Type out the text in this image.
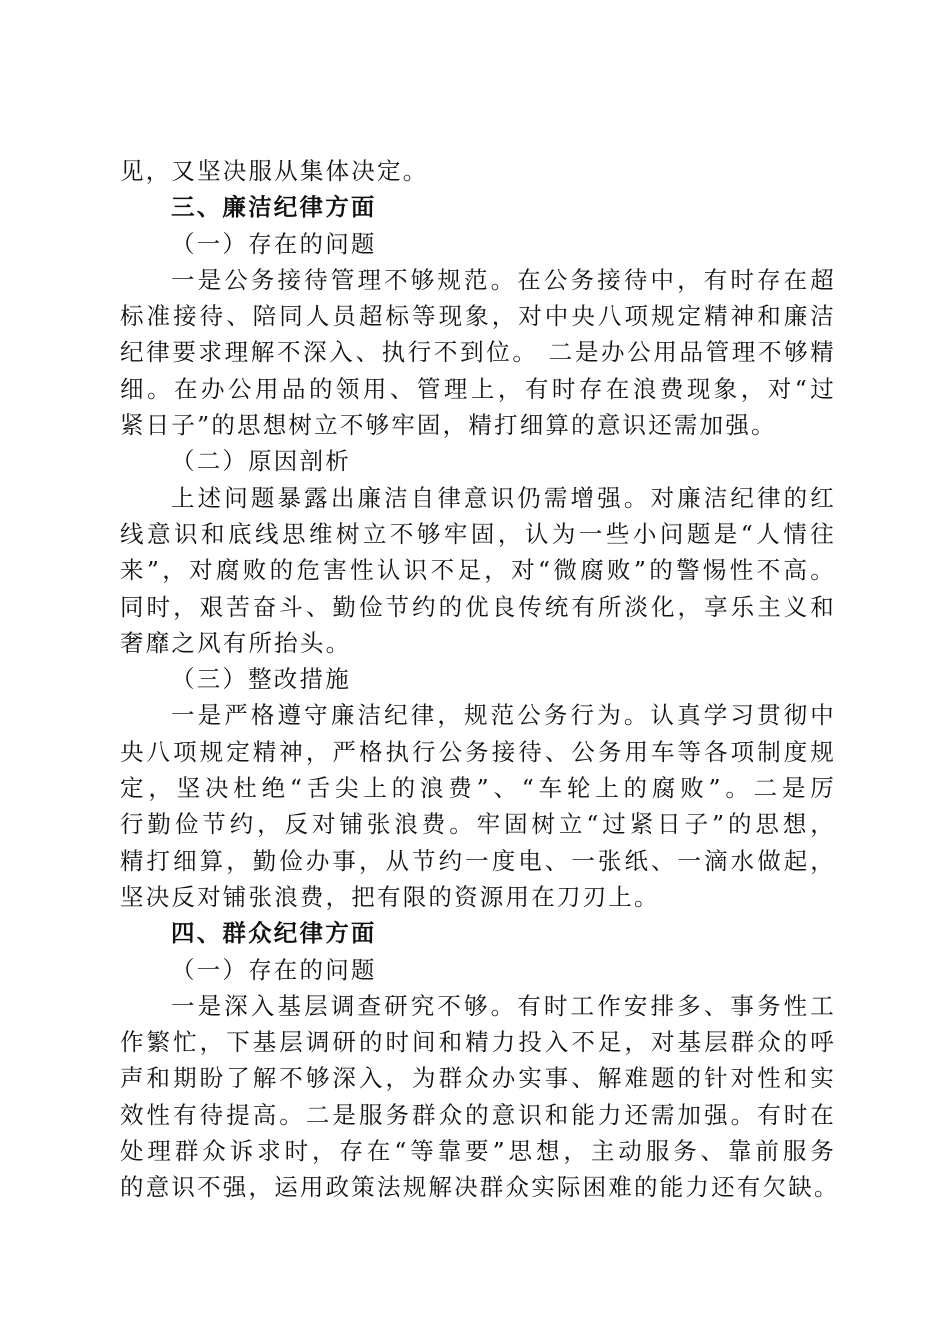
见，又坚决服从集体决定。
三、廉洁纪律方面
（一）存在的问题
一是公务接待管理不够规范。在公务接待中，有时存在超
标准接待、陪同人员超标等现象，对中央八项规定精神和廉洁
纪律要求理解不深入、执行不到位。 二是办公用品管理不够精
细。在办公用品的领用、管理上，有时存在浪费现象，对“过
紧日子”的思想树立不够牢固，精打细算的意识还需加强。
（二）原因剖析
上述问题暴露出廉洁自律意识仍需增强。对廉洁纪律的红
线意识和底线思维树立不够牢固，认为一些小问题是“人情往
来”，对腐败的危害性认识不足，对“微腐败”的警惕性不高。
同时，艰苦奋斗、勤俭节约的优良传统有所淡化，享乐主义和
奢靡之风有所抬头。
（三）整改措施
一是严格遵守廉洁纪律，规范公务行为。认真学习贯彻中
央八项规定精神，严格执行公务接待、公务用车等各项制度规
定，坚决杜绝“舌尖上的浪费”、“车轮上的腐败”。二是厉
行勤俭节约，反对铺张浪费。牢固树立“过紧日子”的思想，
精打细算，勤俭办事，从节约一度电、一张纸、一滴水做起，
坚决反对铺张浪费，把有限的资源用在刀刃上。
四、群众纪律方面
（一）存在的问题
一是深入基层调查研究不够。有时工作安排多、事务性工
作繁忙，下基层调研的时间和精力投入不足，对基层群众的呼
声和期盼了解不够深入，为群众办实事、解难题的针对性和实
效性有待提高。二是服务群众的意识和能力还需加强。有时在
处理群众诉求时，存在“等靠要”思想，主动服务、靠前服务
的意识不强，运用政策法规解决群众实际困难的能力还有欠缺。
